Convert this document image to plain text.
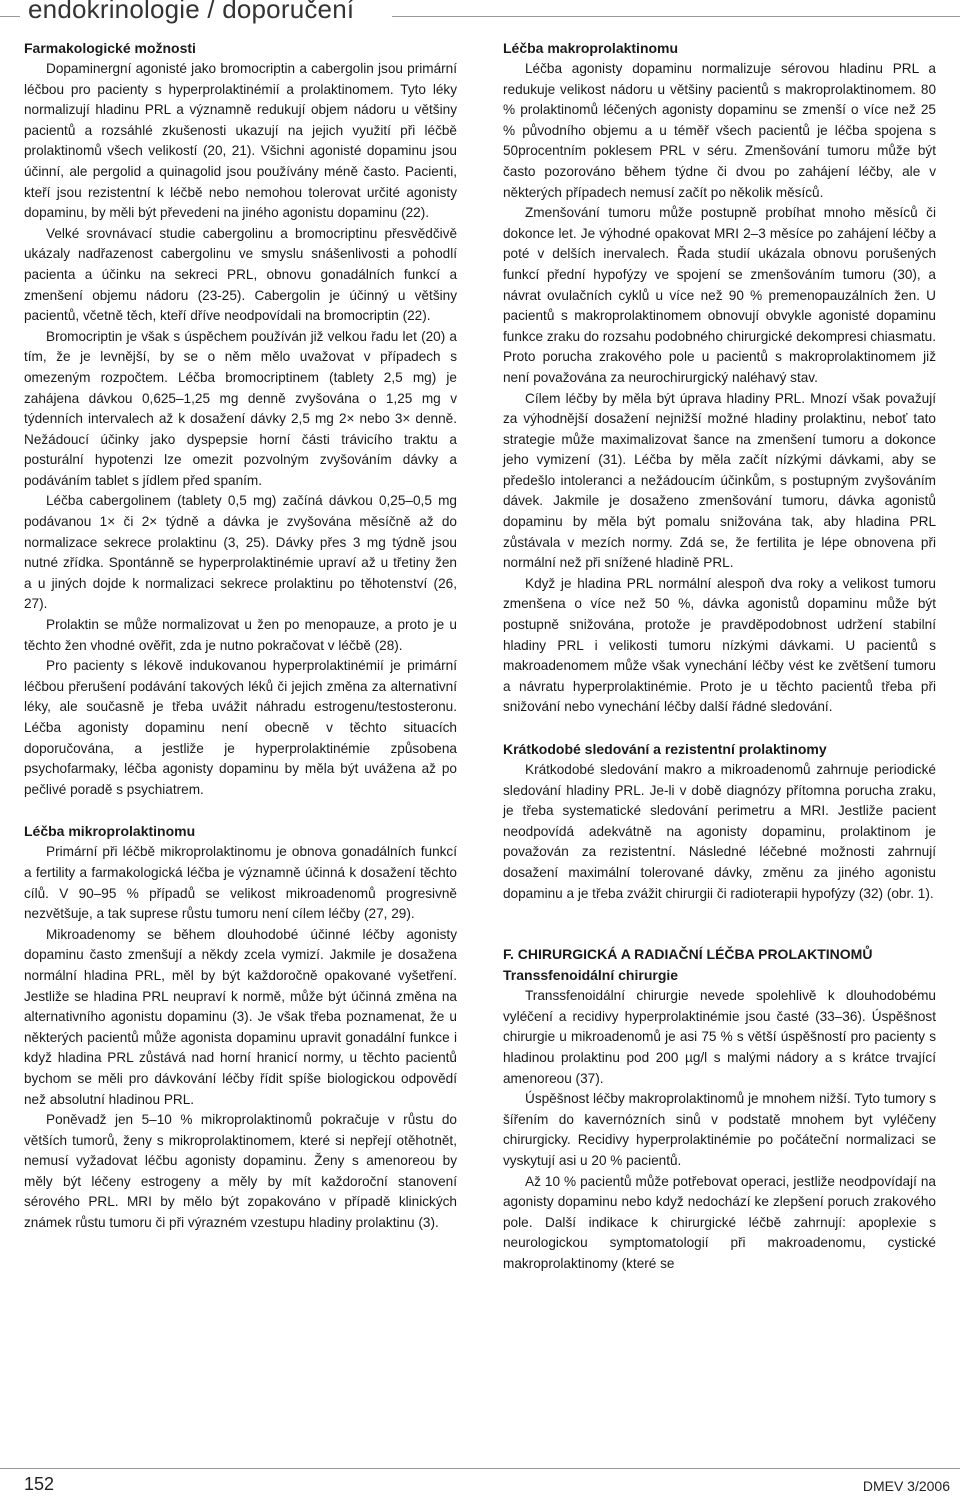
endokrinologie / doporučení
Farmakologické možnosti

Dopaminergní agonisté jako bromocriptin a cabergolin jsou primární léčbou pro pacienty s hyperprolaktinémií a prolaktinomem. Tyto léky normalizují hladinu PRL a významně redukují objem nádoru u většiny pacientů a rozsáhlé zkušenosti ukazují na jejich využití při léčbě prolaktinomů všech velikostí (20, 21). Všichni agonisté dopaminu jsou účinní, ale pergolid a quinagolid jsou používány méně často. Pacienti, kteří jsou rezistentní k léčbě nebo nemohou tolerovat určité agonisty dopaminu, by měli být převedeni na jiného agonistu dopaminu (22).

Velké srovnávací studie cabergolinu a bromocriptinu přesvědčivě ukázaly nadřazenost cabergolinu ve smyslu snášenlivosti a pohodlí pacienta a účinku na sekreci PRL, obnovu gonadálních funkcí a zmenšení objemu nádoru (23-25). Cabergolin je účinný u většiny pacientů, včetně těch, kteří dříve neodpovídali na bromocriptin (22).

Bromocriptin je však s úspěchem používán již velkou řadu let (20) a tím, že je levnější, by se o něm mělo uvažovat v případech s omezeným rozpočtem. Léčba bromocriptinem (tablety 2,5 mg) je zahájena dávkou 0,625–1,25 mg denně zvyšována o 1,25 mg v týdenních intervalech až k dosažení dávky 2,5 mg 2× nebo 3× denně. Nežádoucí účinky jako dyspepsie horní části trávicího traktu a posturální hypotenzi lze omezit pozvolným zvyšováním dávky a podáváním tablet s jídlem před spaním.

Léčba cabergolinem (tablety 0,5 mg) začíná dávkou 0,25–0,5 mg podávanou 1× či 2× týdně a dávka je zvyšována měsíčně až do normalizace sekrece prolaktinu (3, 25). Dávky přes 3 mg týdně jsou nutné zřídka. Spontánně se hyperprolaktinémie upraví až u třetiny žen a u jiných dojde k normalizaci sekrece prolaktinu po těhotenství (26, 27).

Prolaktin se může normalizovat u žen po menopauze, a proto je u těchto žen vhodné ověřit, zda je nutno pokračovat v léčbě (28).

Pro pacienty s lékově indukovanou hyperprolaktinémií je primární léčbou přerušení podávání takových léků či jejich změna za alternativní léky, ale současně je třeba uvážit náhradu estrogenu/testosteronu. Léčba agonisty dopaminu není obecně v těchto situacích doporučována, a jestliže je hyperprolaktinémie způsobena psychofarmaky, léčba agonisty dopaminu by měla být uvážena až po pečlivé poradě s psychiatrem.

Léčba mikroprolaktinomu

Primární při léčbě mikroprolaktinomu je obnova gonadálních funkcí a fertility a farmakologická léčba je významně účinná k dosažení těchto cílů. V 90–95 % případů se velikost mikroadenomů progresivně nezvětšuje, a tak suprese růstu tumoru není cílem léčby (27, 29).

Mikroadenomy se během dlouhodobé účinné léčby agonisty dopaminu často zmenšují a někdy zcela vymizí. Jakmile je dosažena normální hladina PRL, měl by být každoročně opakované vyšetření. Jestliže se hladina PRL neupraví k normě, může být účinná změna na alternativního agonistu dopaminu (3). Je však třeba poznamenat, že u některých pacientů může agonista dopaminu upravit gonadální funkce i když hladina PRL zůstává nad horní hranicí normy, u těchto pacientů bychom se měli pro dávkování léčby řídit spíše biologickou odpovědí než absolutní hladinou PRL.

Poněvadž jen 5–10 % mikroprolaktinomů pokračuje v růstu do větších tumorů, ženy s mikroprolaktinomem, které si nepřejí otěhotnět, nemusí vyžadovat léčbu agonisty dopaminu. Ženy s amenoreou by měly být léčeny estrogeny a měly by mít každoroční stanovení sérového PRL. MRI by mělo být zopakováno v případě klinických známek růstu tumoru či při výrazném vzestupu hladiny prolaktinu (3).

Léčba makroprolaktinomu

Léčba agonisty dopaminu normalizuje sérovou hladinu PRL a redukuje velikost nádoru u většiny pacientů s makroprolaktinomem. 80 % prolaktinomů léčených agonisty dopaminu se zmenší o více než 25 % původního objemu a u téměř všech pacientů je léčba spojena s 50procentním poklesem PRL v séru. Zmenšování tumoru může být často pozorováno během týdne či dvou po zahájení léčby, ale v některých případech nemusí začít po několik měsíců.

Zmenšování tumoru může postupně probíhat mnoho měsíců či dokonce let. Je výhodné opakovat MRI 2–3 měsíce po zahájení léčby a poté v delších inervalech. Řada studií ukázala obnovu porušených funkcí přední hypofýzy ve spojení se zmenšováním tumoru (30), a návrat ovulačních cyklů u více než 90 % premenopauzálních žen. U pacientů s makroprolaktinomem obnovují obvykle agonisté dopaminu funkce zraku do rozsahu podobného chirurgické dekompresi chiasmatu. Proto porucha zrakového pole u pacientů s makroprolaktinomem již není považována za neurochirurgický naléhavý stav.

Cílem léčby by měla být úprava hladiny PRL. Mnozí však považují za výhodnější dosažení nejnižší možné hladiny prolaktinu, neboť tato strategie může maximalizovat šance na zmenšení tumoru a dokonce jeho vymizení (31). Léčba by měla začít nízkými dávkami, aby se předešlo intoleranci a nežádoucím účinkům, s postupným zvyšováním dávek. Jakmile je dosaženo zmenšování tumoru, dávka agonistů dopaminu by měla být pomalu snižována tak, aby hladina PRL zůstávala v mezích normy. Zdá se, že fertilita je lépe obnovena při normální než při snížené hladině PRL.

Když je hladina PRL normální alespoň dva roky a velikost tumoru zmenšena o více než 50 %, dávka agonistů dopaminu může být postupně snižována, protože je pravděpodobnost udržení stabilní hladiny PRL i velikosti tumoru nízkými dávkami. U pacientů s makroadenomem může však vynechání léčby vést ke zvětšení tumoru a návratu hyperprolaktinémie. Proto je u těchto pacientů třeba při snižování nebo vynechání léčby další řádné sledování.

Krátkodobé sledování a rezistentní prolaktinomy

Krátkodobé sledování makro a mikroadenomů zahrnuje periodické sledování hladiny PRL. Je-li v době diagnózy přítomna porucha zraku, je třeba systematické sledování perimetru a MRI. Jestliže pacient neodpovídá adekvátně na agonisty dopaminu, prolaktinom je považován za rezistentní. Následné léčebné možnosti zahrnují dosažení maximální tolerované dávky, změnu za jiného agonistu dopaminu a je třeba zvážit chirurgii či radioterapii hypofýzy (32) (obr. 1).

F. CHIRURGICKÁ A RADIAČNÍ LÉČBA PROLAKTINOMŮ
Transsfenoidální chirurgie

Transsfenoidální chirurgie nevede spolehlivě k dlouhodobému vyléčení a recidivy hyperprolaktinémie jsou časté (33–36). Úspěšnost chirurgie u mikroadenomů je asi 75 % s větší úspěšností pro pacienty s hladinou prolaktinu pod 200 µg/l s malými nádory a s krátce trvající amenoreou (37).

Úspěšnost léčby makroprolaktinomů je mnohem nižší. Tyto tumory s šířením do kavernózních sinů v podstatě mnohem byt vyléčeny chirurgicky. Recidivy hyperprolaktinémie po počáteční normalizaci se vyskytují asi u 20 % pacientů.

Až 10 % pacientů může potřebovat operaci, jestliže neodpovídají na agonisty dopaminu nebo když nedochází ke zlepšení poruch zrakového pole. Další indikace k chirurgické léčbě zahrnují: apoplexie s neurologickou symptomatologií při makroadenomu, cystické makroprolaktinomy (které se

152	DMEV 3/2006
